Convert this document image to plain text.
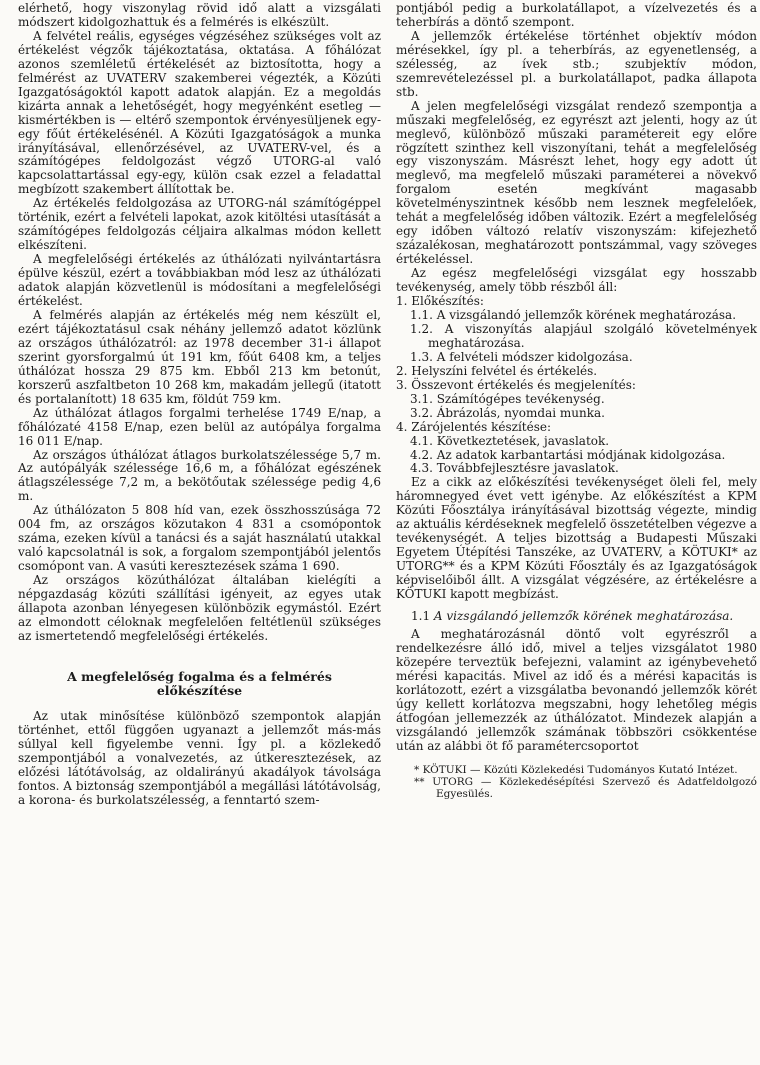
elérhető, hogy viszonylag rövid idő alatt a vizsgálati módszert kidolgozhattuk és a felmérés is elkészült.

A felvétel reális, egységes végzéséhez szükséges volt az értékelést végzők tájékoztatása, oktatása. A főhálózat azonos szemléletű értékelését az biztosította, hogy a felmérést az UVATERV szakemberei végezték, a Közúti Igazgatóságoktól kapott adatok alapján. Ez a megoldás kizárta annak a lehetőségét, hogy megyénként esetleg — kismértékben is — eltérő szempontok érvényesüljenek egy-egy főút értékelésénél. A Közúti Igazgatóságok a munka irányításával, ellenőrzésével, az UVATERV-vel, és a számítógépes feldolgozást végző UTORG-al való kapcsolattartással egy-egy, külön csak ezzel a feladattal megbízott szakembert állítottak be.

Az értékelés feldolgozása az UTORG-nál számítógéppel történik, ezért a felvételi lapokat, azok kitöltési utasítását a számítógépes feldolgozás céljaira alkalmas módon kellett elkészíteni.

A megfelelőségi értékelés az úthálózati nyilvántartásra épülve készül, ezért a továbbiakban mód lesz az úthálózati adatok alapján közvetlenül is módosítani a megfelelőségi értékelést.

A felmérés alapján az értékelés még nem készült el, ezért tájékoztatásul csak néhány jellemző adatot közlünk az országos úthálózatról: az 1978 december 31-i állapot szerint gyorsforgalmú út 191 km, főút 6408 km, a teljes úthálózat hossza 29 875 km. Ebből 213 km betonút, korszerű aszfaltbeton 10 268 km, makadám jellegű (itatott és portalanított) 18 635 km, földút 759 km.

Az úthálózat átlagos forgalmi terhelése 1749 E/nap, a főhálózaté 4158 E/nap, ezen belül az autópálya forgalma 16 011 E/nap.

Az országos úthálózat átlagos burkolatszélessége 5,7 m. Az autópályák szélessége 16,6 m, a főhálózat egészének átlagszélessége 7,2 m, a bekötőutak szélessége pedig 4,6 m.

Az úthálózaton 5 808 híd van, ezek összhosszúsága 72 004 fm, az országos közutakon 4 831 a csomópontok száma, ezeken kívül a tanácsi és a saját használatú utakkal való kapcsolatnál is sok, a forgalom szempontjából jelentős csomópont van. A vasúti keresztezések száma 1 690.

Az országos közúthálózat általában kielégíti a népgazdaság közúti szállítási igényeit, az egyes utak állapota azonban lényegesen különbözik egymástól. Ezért az elmondott céloknak megfelelően feltétlenül szükséges az ismertetendő megfelelőségi értékelés.

A megfelelőség fogalma és a felmérés
előkészítése

Az utak minősítése különböző szempontok alapján történhet, ettől függően ugyanazt a jellemzőt más-más súllyal kell figyelembe venni. Így pl. a közlekedő szempontjából a vonalvezetés, az útkeresztezések, az előzési látótávolság, az oldalirányú akadályok távolsága fontos. A biztonság szempontjából a megállási látótávolság, a korona- és burkolatszélesség, a fenntartó szem-

pontjából pedig a burkolatállapot, a vízelvezetés és a teherbírás a döntő szempont.

A jellemzők értékelése történhet objektív módon mérésekkel, így pl. a teherbírás, az egyenetlenség, a szélesség, az ívek stb.; szubjektív módon, szemrevételezéssel pl. a burkolatállapot, padka állapota stb.

A jelen megfelelőségi vizsgálat rendező szempontja a műszaki megfelelőség, ez egyrészt azt jelenti, hogy az út meglevő, különböző műszaki paramétereit egy előre rögzített szinthez kell viszonyítani, tehát a megfelelőség egy viszonyszám. Másrészt lehet, hogy egy adott út meglevő, ma megfelelő műszaki paraméterei a növekvő forgalom esetén megkívánt magasabb követelményszintnek később nem lesznek megfelelőek, tehát a megfelelőség időben változik. Ezért a megfelelőség egy időben változó relatív viszonyszám: kifejezhető százalékosan, meghatározott pontszámmal, vagy szöveges értékeléssel.

Az egész megfelelőségi vizsgálat egy hosszabb tevékenység, amely több részből áll:

1. Előkészítés:

1.1. A vizsgálandó jellemzők körének meghatározása.

1.2. A viszonyítás alapjául szolgáló követelmények meghatározása.

1.3. A felvételi módszer kidolgozása.

2. Helyszíni felvétel és értékelés.

3. Összevont értékelés és megjelenítés:

3.1. Számítógépes tevékenység.

3.2. Ábrázolás, nyomdai munka.

4. Zárójelentés készítése:

4.1. Következtetések, javaslatok.

4.2. Az adatok karbantartási módjának kidolgozása.

4.3. Továbbfejlesztésre javaslatok.

Ez a cikk az előkészítési tevékenységet öleli fel, mely háromnegyed évet vett igénybe. Az előkészítést a KPM Közúti Főosztálya irányításával bizottság végezte, mindig az aktuális kérdéseknek megfelelő összetételben végezve a tevékenységét. A teljes bizottság a Budapesti Műszaki Egyetem Útépítési Tanszéke, az UVATERV, a KÖTUKI* az UTORG** és a KPM Közúti Főosztály és az Igazgatóságok képviselőiből állt. A vizsgálat végzésére, az értékelésre a KÖTUKI kapott megbízást.

1.1 A vizsgálandó jellemzők körének meghatározása.

A meghatározásnál döntő volt egyrészről a rendelkezésre álló idő, mivel a teljes vizsgálatot 1980 közepére terveztük befejezni, valamint az igénybevehető mérési kapacitás. Mivel az idő és a mérési kapacitás is korlátozott, ezért a vizsgálatba bevonandó jellemzők körét úgy kellett korlátozva megszabni, hogy lehetőleg mégis átfogóan jellemezzék az úthálózatot. Mindezek alapján a vizsgálandó jellemzők számának többszöri csökkentése után az alábbi öt fő paramétercsoportot

* KÖTUKI — Közúti Közlekedési Tudományos Kutató Intézet.

** UTORG — Közlekedésépítési Szervező és Adatfeldolgozó Egyesülés.
